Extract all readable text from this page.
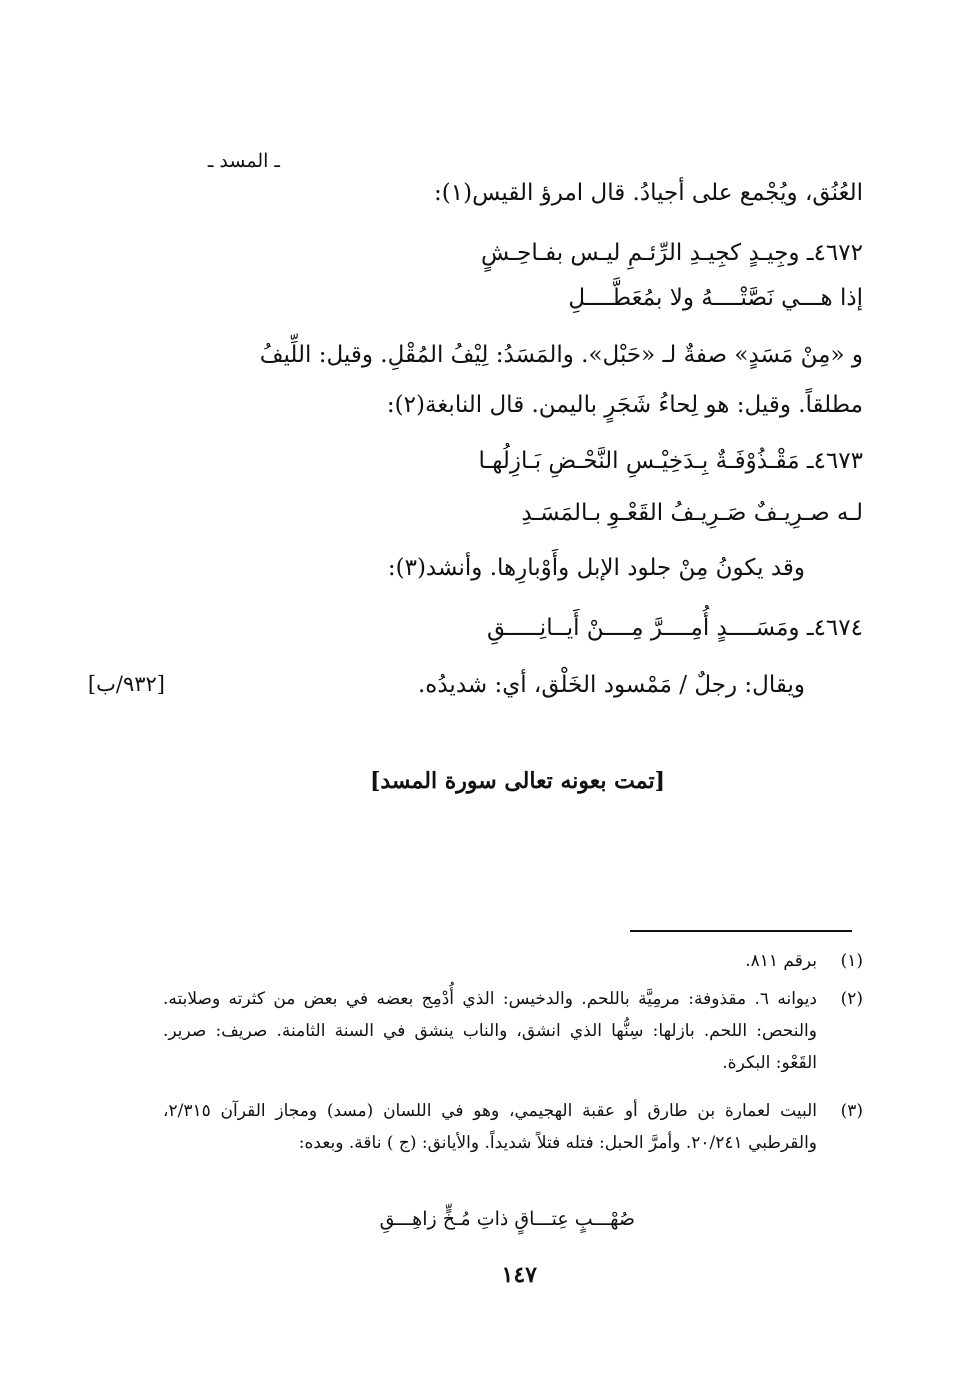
ـ المسد ـ
العُنُق، ويُجْمع على أجيادُ. قال امرؤ القيس(١):
٤٦٧٢ـ وجِيـدٍ كجِيـدِ الرِّئـمِ ليـس بفـاحِـشٍ
إذا هـــي نَصَّتْــــهُ ولا بمُعَطَّــــلِ
و «مِنْ مَسَدٍ» صفةٌ لـ «حَبْل». والمَسَدُ: لِيْفُ المُقْلِ. وقيل: اللِّيفُ
مطلقاً. وقيل: هو لِحاءُ شَجَرٍ باليمن. قال النابغة(٢):
٤٦٧٣ـ مَقْـذُوْفَـةٌ بِـدَخِيْـسِ النَّحْـضِ بَـازِلُهـا
لـه صـرِيـفٌ صَـرِيـفُ القَعْـوِ بـالمَسَـدِ
وقد يكونُ مِنْ جلود الإبل وأَوْبارِها. وأنشد(٣):
٤٦٧٤ـ ومَسَــــدٍ أُمِــــرَّ مِــــنْ أَيــانِـــــقِ
ويقال: رجلٌ / مَمْسود الخَلْق، أي: شديدُه.
[٩٣٢/ب]
[تمت بعونه تعالى سورة المسد]
(١)
برقم ٨١١.
(٢)
ديوانه ٦. مقذوفة: مرمِيَّة باللحم. والدخيس: الذي أُدْمِج بعضه في بعض من كثرته وصلابته. والنحص: اللحم. بازلها: سِنُّها الذي انشق، والناب ينشق في السنة الثامنة. صريف: صرير. القَعْو: البكرة.
(٣)
البيت لعمارة بن طارق أو عقبة الهجيمي، وهو في اللسان (مسد) ومجاز القرآن ٢/٣١٥، والقرطبي ٢٠/٢٤١. وأمرَّ الحبل: فتله فتلاً شديداً. والأيانق: (ج ) ناقة. وبعده:
صُهْـــبٍ عِتـــاقٍ ذاتِ مُـخٍّ زاهِـــقِ
١٤٧
